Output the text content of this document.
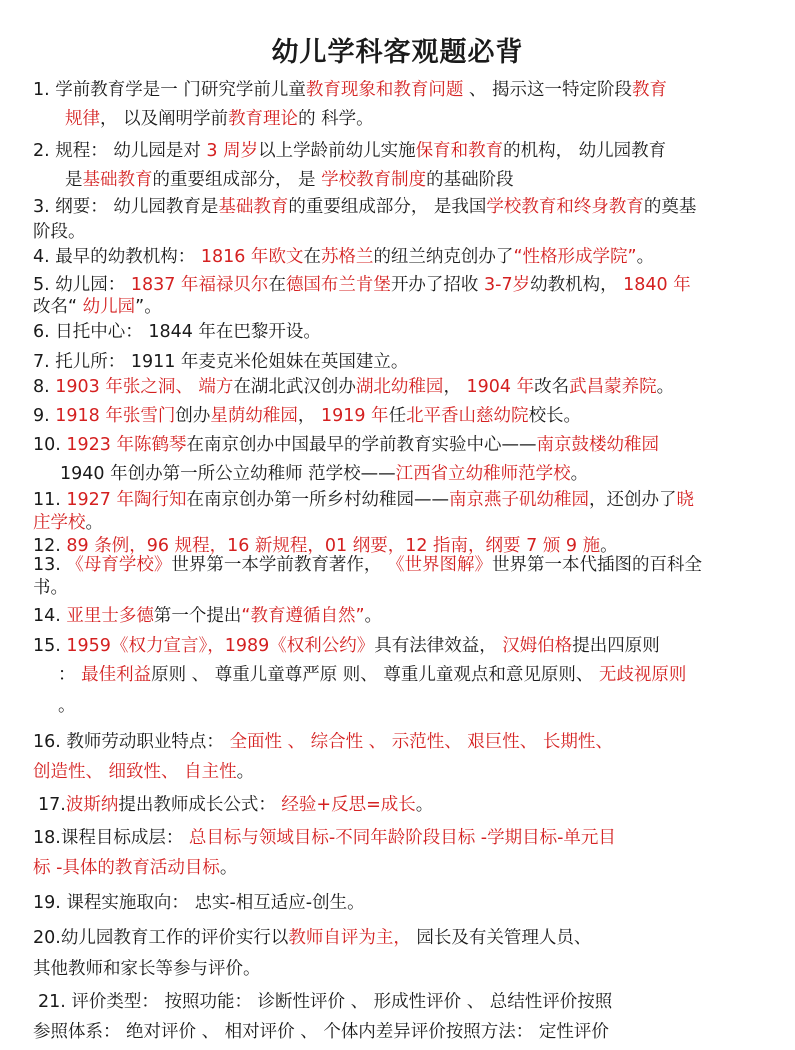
幼儿学科客观题必背
1. 学前教育学是一 门研究学前儿童教育现象和教育问题 、 揭示这一特定阶段教育
规律， 以及阐明学前教育理论的 科学。
2. 规程： 幼儿园是对 3 周岁以上学龄前幼儿实施保育和教育的机构， 幼儿园教育
是基础教育的重要组成部分， 是 学校教育制度的基础阶段
3. 纲要： 幼儿园教育是基础教育的重要组成部分， 是我国学校教育和终身教育的奠基
阶段。
4. 最早的幼教机构： 1816 年欧文在苏格兰的纽兰纳克创办了“性格形成学院”。
5. 幼儿园： 1837 年福禄贝尔在德国布兰肯堡开办了招收 3-7岁幼教机构， 1840 年
改名“ 幼儿园”。
6. 日托中心： 1844 年在巴黎开设。
7. 托儿所： 1911 年麦克米伦姐妹在英国建立。
8. 1903 年张之洞、 端方在湖北武汉创办湖北幼稚园， 1904 年改名武昌蒙养院。
9. 1918 年张雪门创办星荫幼稚园， 1919 年任北平香山慈幼院校长。
10. 1923 年陈鹤琴在南京创办中国最早的学前教育实验中心——南京鼓楼幼稚园
1940 年创办第一所公立幼稚师 范学校——江西省立幼稚师范学校。
11. 1927 年陶行知在南京创办第一所乡村幼稚园——南京燕子矶幼稚园，还创办了晓
庄学校。
12. 89 条例，96 规程，16 新规程，01 纲要，12 指南，纲要 7 颁 9 施。
13. 《母育学校》世界第一本学前教育著作， 《世界图解》世界第一本代插图的百科全
书。
14. 亚里士多德第一个提出“教育遵循自然”。
15. 1959《权力宣言》，1989《权利公约》具有法律效益， 汉姆伯格提出四原则
： 最佳利益原则 、 尊重儿童尊严原 则、 尊重儿童观点和意见原则、 无歧视原则
。
16. 教师劳动职业特点： 全面性 、 综合性 、 示范性、 艰巨性、 长期性、
创造性、 细致性、 自主性。
17.波斯纳提出教师成长公式： 经验+反思=成长。
18.课程目标成层： 总目标与领域目标-不同年龄阶段目标 -学期目标-单元目
标 -具体的教育活动目标。
19. 课程实施取向： 忠实-相互适应-创生。
20.幼儿园教育工作的评价实行以教师自评为主， 园长及有关管理人员、
其他教师和家长等参与评价。
21. 评价类型： 按照功能： 诊断性评价 、 形成性评价 、 总结性评价按照
参照体系： 绝对评价 、 相对评价 、 个体内差异评价按照方法： 定性评价
